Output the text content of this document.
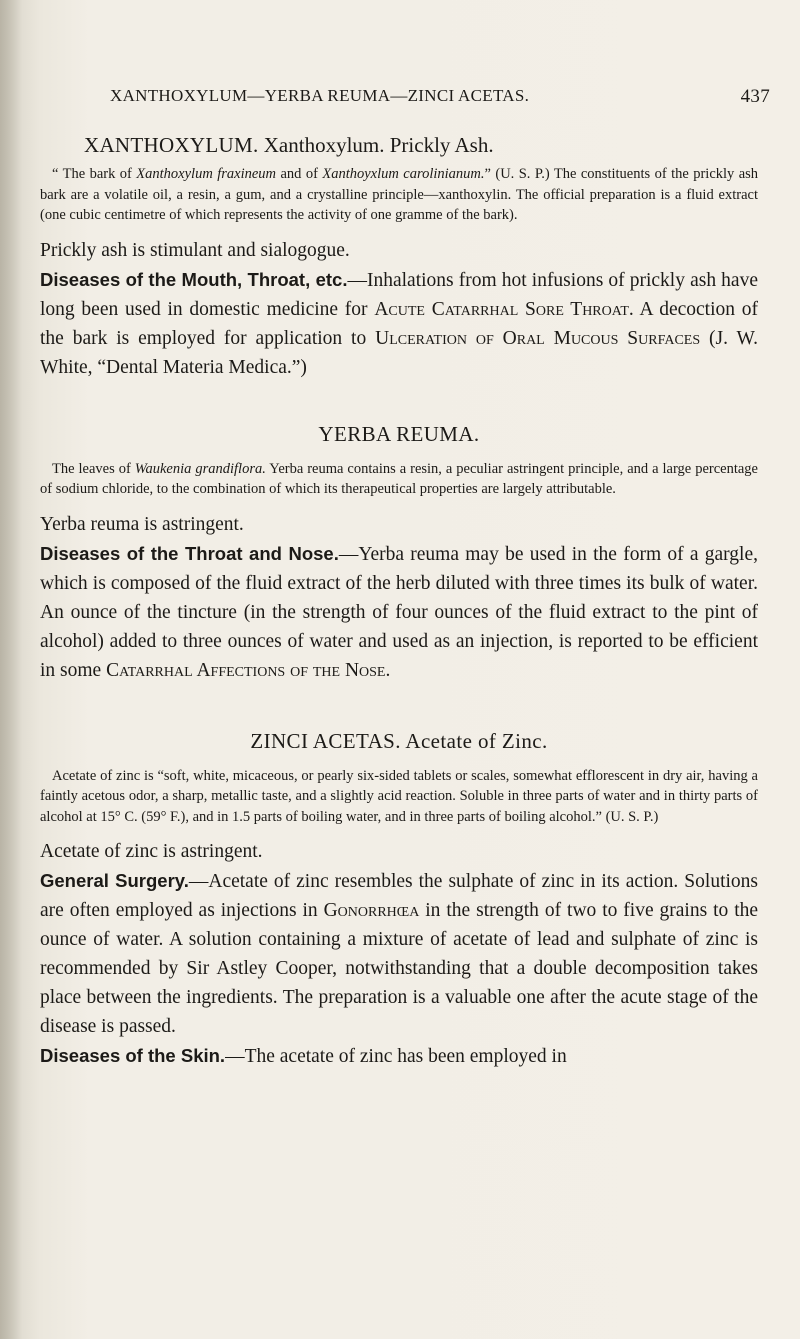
XANTHOXYLUM—YERBA REUMA—ZINCI ACETAS.	437
XANTHOXYLUM. Xanthoxylum. Prickly Ash.

“ The bark of Xanthoxylum fraxineum and of Xanthoyxlum carolinianum.” (U. S. P.) The constituents of the prickly ash bark are a volatile oil, a resin, a gum, and a crystalline principle—xanthoxylin. The official preparation is a fluid extract (one cubic centimetre of which represents the activity of one gramme of the bark).

Prickly ash is stimulant and sialogogue.

Diseases of the Mouth, Throat, etc.—Inhalations from hot infusions of prickly ash have long been used in domestic medicine for Acute Catarrhal Sore Throat. A decoction of the bark is employed for application to Ulceration of Oral Mucous Surfaces (J. W. White, “Dental Materia Medica.”)

YERBA REUMA.

The leaves of Waukenia grandiflora. Yerba reuma contains a resin, a peculiar astringent principle, and a large percentage of sodium chloride, to the combination of which its therapeutical properties are largely attributable.

Yerba reuma is astringent.

Diseases of the Throat and Nose.—Yerba reuma may be used in the form of a gargle, which is composed of the fluid extract of the herb diluted with three times its bulk of water. An ounce of the tincture (in the strength of four ounces of the fluid extract to the pint of alcohol) added to three ounces of water and used as an injection, is reported to be efficient in some Catarrhal Affections of the Nose.

ZINCI ACETAS. Acetate of Zinc.

Acetate of zinc is “soft, white, micaceous, or pearly six-sided tablets or scales, somewhat efflorescent in dry air, having a faintly acetous odor, a sharp, metallic taste, and a slightly acid reaction. Soluble in three parts of water and in thirty parts of alcohol at 15° C. (59° F.), and in 1.5 parts of boiling water, and in three parts of boiling alcohol.” (U. S. P.)

Acetate of zinc is astringent.

General Surgery.—Acetate of zinc resembles the sulphate of zinc in its action. Solutions are often employed as injections in Gonorrhœa in the strength of two to five grains to the ounce of water. A solution containing a mixture of acetate of lead and sulphate of zinc is recommended by Sir Astley Cooper, notwithstanding that a double decomposition takes place between the ingredients. The preparation is a valuable one after the acute stage of the disease is passed.

Diseases of the Skin.—The acetate of zinc has been employed in
